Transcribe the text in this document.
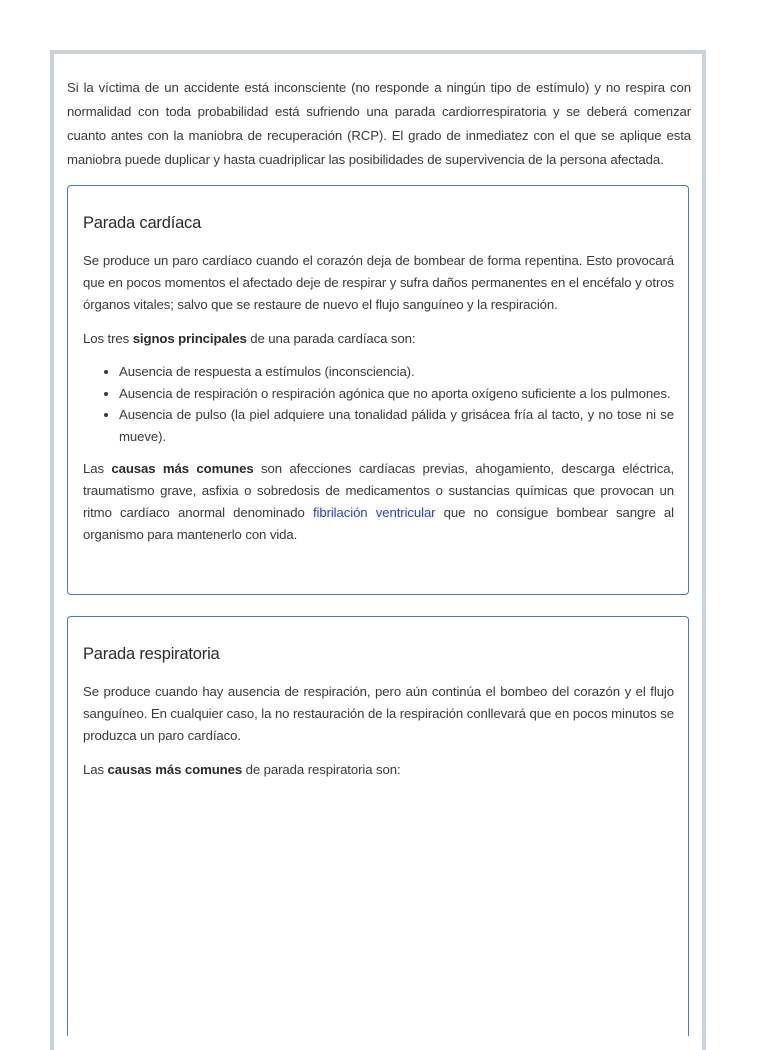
Si la víctima de un accidente está inconsciente (no responde a ningún tipo de estímulo) y no respira con normalidad con toda probabilidad está sufriendo una parada cardiorrespiratoria y se deberá comenzar cuanto antes con la maniobra de recuperación (RCP). El grado de inmediatez con el que se aplique esta maniobra puede duplicar y hasta cuadriplicar las posibilidades de supervivencia de la persona afectada.

Parada cardíaca

Se produce un paro cardíaco cuando el corazón deja de bombear de forma repentina. Esto provocará que en pocos momentos el afectado deje de respirar y sufra daños permanentes en el encéfalo y otros órganos vitales; salvo que se restaure de nuevo el flujo sanguíneo y la respiración.

Los tres signos principales de una parada cardíaca son:

• Ausencia de respuesta a estímulos (inconsciencia).
• Ausencia de respiración o respiración agónica que no aporta oxígeno suficiente a los pulmones.
• Ausencia de pulso (la piel adquiere una tonalidad pálida y grisácea fría al tacto, y no tose ni se mueve).

Las causas más comunes son afecciones cardíacas previas, ahogamiento, descarga eléctrica, traumatismo grave, asfixia o sobredosis de medicamentos o sustancias químicas que provocan un ritmo cardíaco anormal denominado fibrilación ventricular que no consigue bombear sangre al organismo para mantenerlo con vida.

Parada respiratoria

Se produce cuando hay ausencia de respiración, pero aún continúa el bombeo del corazón y el flujo sanguíneo. En cualquier caso, la no restauración de la respiración conllevará que en pocos minutos se produzca un paro cardíaco.

Las causas más comunes de parada respiratoria son:
